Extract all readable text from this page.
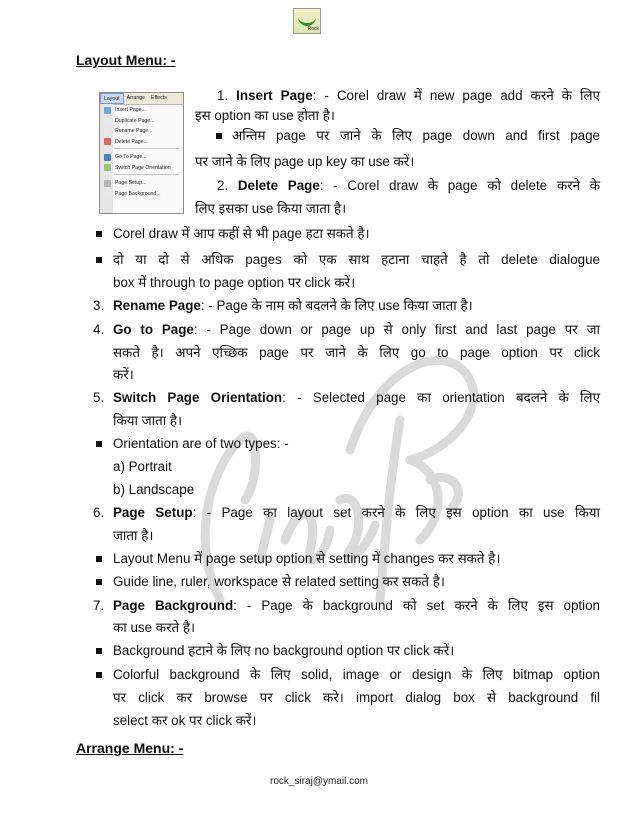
Rock
Layout Menu: -
Layout	Arrange	Effects
Insert Page...
Duplicate Page...
Rename Page...
Delete Page...
Go To Page...
Switch Page Orientation
Page Setup...
Page Background...
1. Insert Page: - Corel draw में new page add करने के लिए
इस option का use होता है।
अन्तिम page पर जाने के लिए page down and first page
पर जाने के लिए page up key का use करें।
2. Delete Page: - Corel draw के page को delete करने के
लिए इसका use किया जाता है।
Corel draw में आप कहीं से भी page हटा सकते है।
दो या दो से अधिक pages को एक साथ हटाना चाहते है तो delete dialogue
box में through to page option पर click करें।
3. Rename Page: - Page के नाम को बदलने के लिए use किया जाता है।
4. Go to Page: - Page down or page up से only first and last page पर जा
सकते है। अपने एच्छिक page पर जाने के लिए go to page option पर click
करें।
5. Switch Page Orientation: - Selected page का orientation बदलने के लिए
किया जाता है।
Orientation are of two types: -
a) Portrait
b) Landscape
6. Page Setup: - Page का layout set करने के लिए इस option का use किया
जाता है।
Layout Menu में page setup option से setting में changes कर सकते है।
Guide line, ruler, workspace से related setting कर सकते है।
7. Page Background: - Page के background को set करने के लिए इस option
का use करते है।
Background हटाने के लिए no background option पर click करें।
Colorful background के लिए solid, image or design के लिए bitmap option
पर click कर browse पर click करे। import dialog box से background fil
select कर ok पर click करें।
Arrange Menu: -
rock_siraj@ymail.com
